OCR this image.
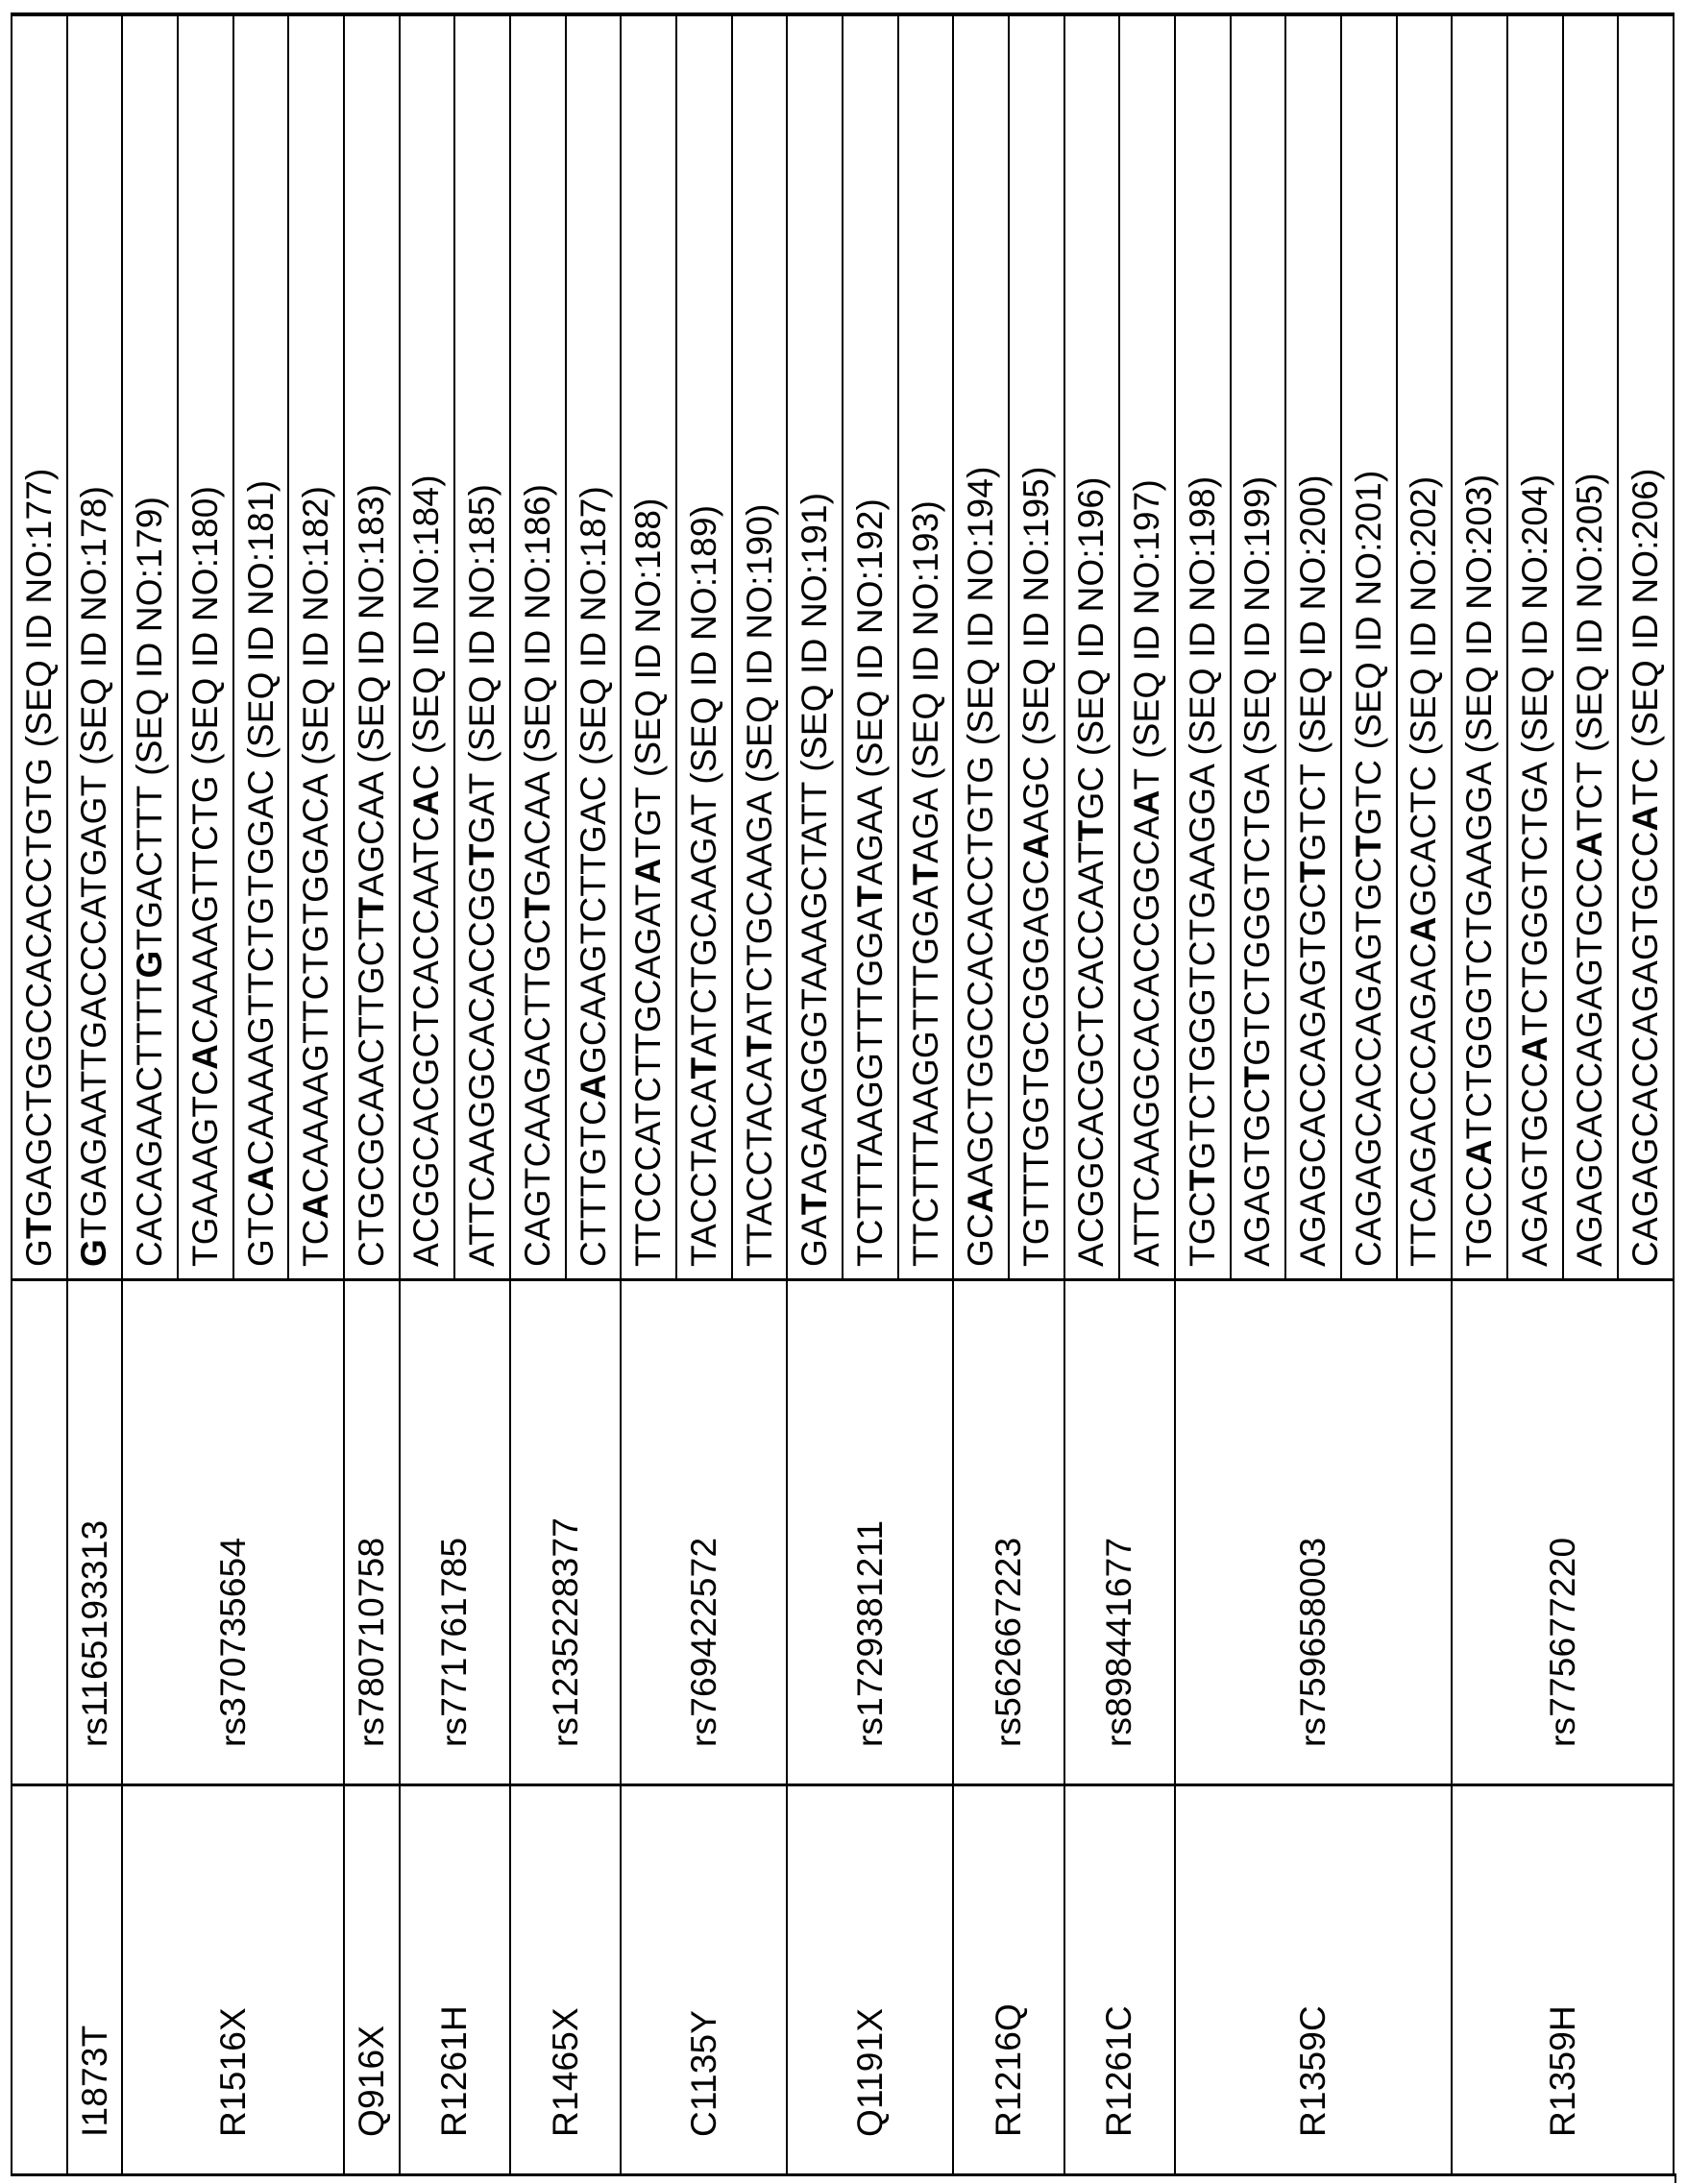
GTGAGCTGGCCACACCTGTG (SEQ ID NO:177)
GTGAGAATTGACCCATGAGT (SEQ ID NO:178) CACAGAACTTTTGTGACTTT (SEQ ID NO:179)
TGAAAGTCACAAAAGTTCTG (SEQ ID NO:180)
GTCACAAAAGTTCTGTGGAC (SEQ ID NO:181)
TCACAAAAGTTCTGTGGACA (SEQ ID NO:182) CTGCGCAACTTGCTTAGCAA (SEQ ID NO:183)
ACGGCACGCTCACCAATCAC (SEQ ID NO:184)
ATTCAAGGCACACCGGTGAT (SEQ ID NO:185)
CAGTCAAGACTTGCTGACAA (SEQ ID NO:186)
CTTTGTCAGCAAGTCTTGAC (SEQ ID NO:187)
TTCCCATCTTGCAGATATGT (SEQ ID NO:188)
TACCTACATATCTGCAAGAT (SEQ ID NO:189)
TTACCTACATATCTGCAAGA (SEQ ID NO:190)
GATAGAAGGGTAAAGCTATT (SEQ ID NO:191) TCTTTAAGGTTTGGATAGAA (SEQ ID NO:192)
TTCTTTAAGGTTTGGATAGA (SEQ ID NO:193)
GCAAGCTGGCCACACCTGTG (SEQ ID NO:194) TGTTTGGTGCGGGAGCAAGC (SEQ ID NO:195)
ACGGCACGCTCACCAATTGC (SEQ ID NO:196)
ATTCAAGGCACACCGGCAAT (SEQ ID NO:197)
TGCTGTCTGGGTCTGAAGGA (SEQ ID NO:198)
AGAGTGCTGTCTGGGTCTGA (SEQ ID NO:199)
AGAGCACCAGAGTGCTGTCT (SEQ ID NO:200)
CAGAGCACCAGAGTGCTGTC (SEQ ID NO:201)
TTCAGACCCAGACAGCACTC (SEQ ID NO:202)
TGCCATCTGGGTCTGAAGGA (SEQ ID NO:203)
AGAGTGCCATCTGGGTCTGA (SEQ ID NO:204)
AGAGCACCAGAGTGCCATCT (SEQ ID NO:205)
CAGAGCACCAGAGTGCCATC (SEQ ID NO:206)
rs1165193313
I1873T
rs370735654
R1516X
rs780710758
Q916X
rs771761785
R1261H
rs1235228377
R1465X
rs769422572
C1135Y
rs1729381211
Q1191X
rs562667223
R1216Q
rs898441677
R1261C
rs759658003
R1359C
rs775677220
R1359H
